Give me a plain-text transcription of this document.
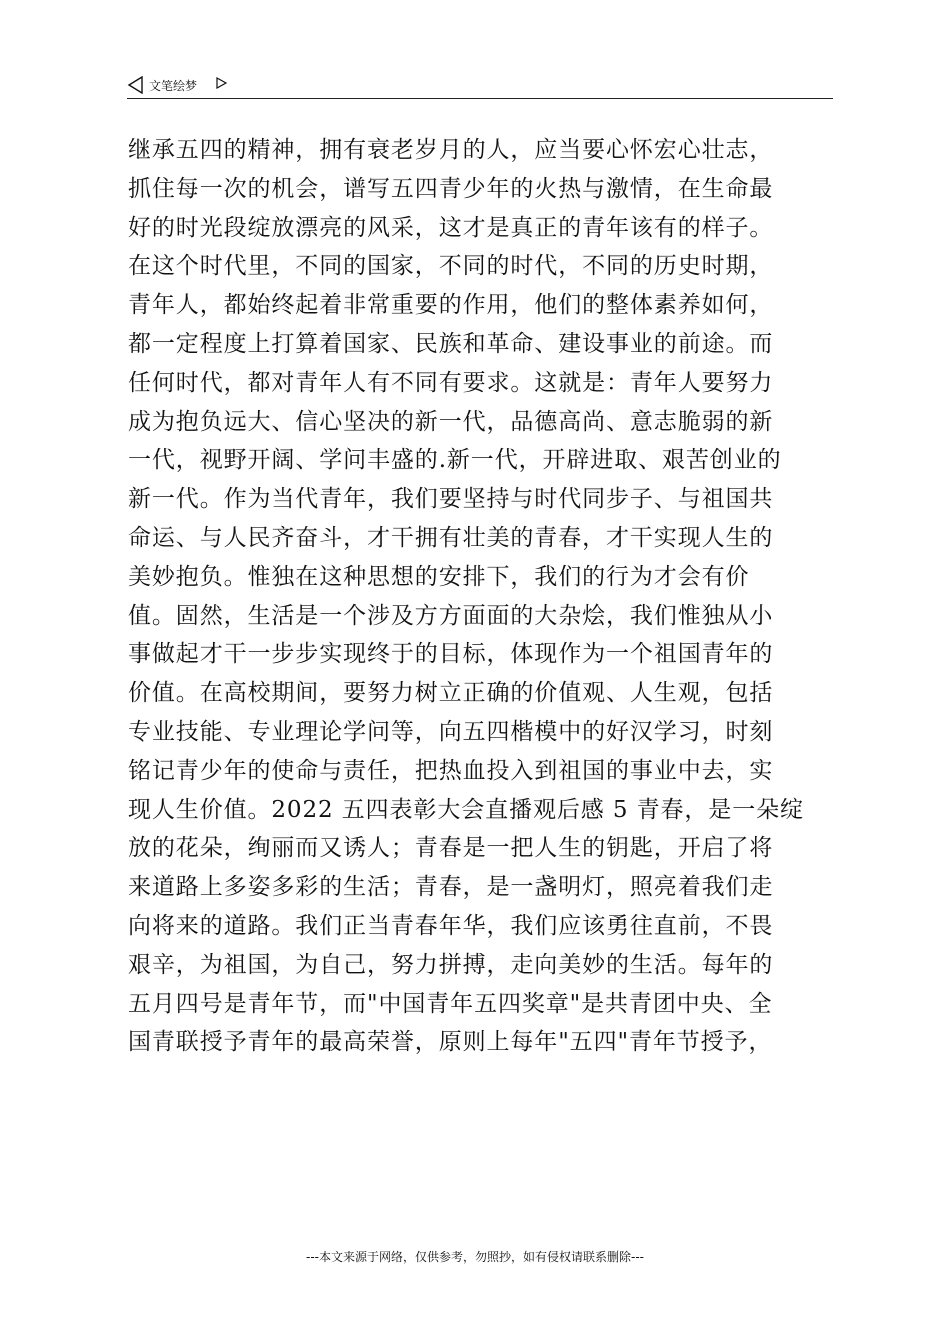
文笔绘梦
继承五四的精神，拥有衰老岁月的人，应当要心怀宏心壮志，
抓住每一次的机会，谱写五四青少年的火热与激情，在生命最
好的时光段绽放漂亮的风采，这才是真正的青年该有的样子。
在这个时代里，不同的国家，不同的时代，不同的历史时期，
青年人，都始终起着非常重要的作用，他们的整体素养如何，
都一定程度上打算着国家、民族和革命、建设事业的前途。而
任何时代，都对青年人有不同有要求。这就是：青年人要努力
成为抱负远大、信心坚决的新一代，品德高尚、意志脆弱的新
一代，视野开阔、学问丰盛的.新一代，开辟进取、艰苦创业的
新一代。作为当代青年，我们要坚持与时代同步子、与祖国共
命运、与人民齐奋斗，才干拥有壮美的青春，才干实现人生的
美妙抱负。惟独在这种思想的安排下，我们的行为才会有价
值。固然，生活是一个涉及方方面面的大杂烩，我们惟独从小
事做起才干一步步实现终于的目标，体现作为一个祖国青年的
价值。在高校期间，要努力树立正确的价值观、人生观，包括
专业技能、专业理论学问等，向五四楷模中的好汉学习，时刻
铭记青少年的使命与责任，把热血投入到祖国的事业中去，实
现人生价值。2022 五四表彰大会直播观后感 5 青春，是一朵绽
放的花朵，绚丽而又诱人；青春是一把人生的钥匙，开启了将
来道路上多姿多彩的生活；青春，是一盏明灯，照亮着我们走
向将来的道路。我们正当青春年华，我们应该勇往直前，不畏
艰辛，为祖国，为自己，努力拼搏，走向美妙的生活。每年的
五月四号是青年节，而"中国青年五四奖章"是共青团中央、全
国青联授予青年的最高荣誉，原则上每年"五四"青年节授予，
---本文来源于网络，仅供参考，勿照抄，如有侵权请联系删除---
